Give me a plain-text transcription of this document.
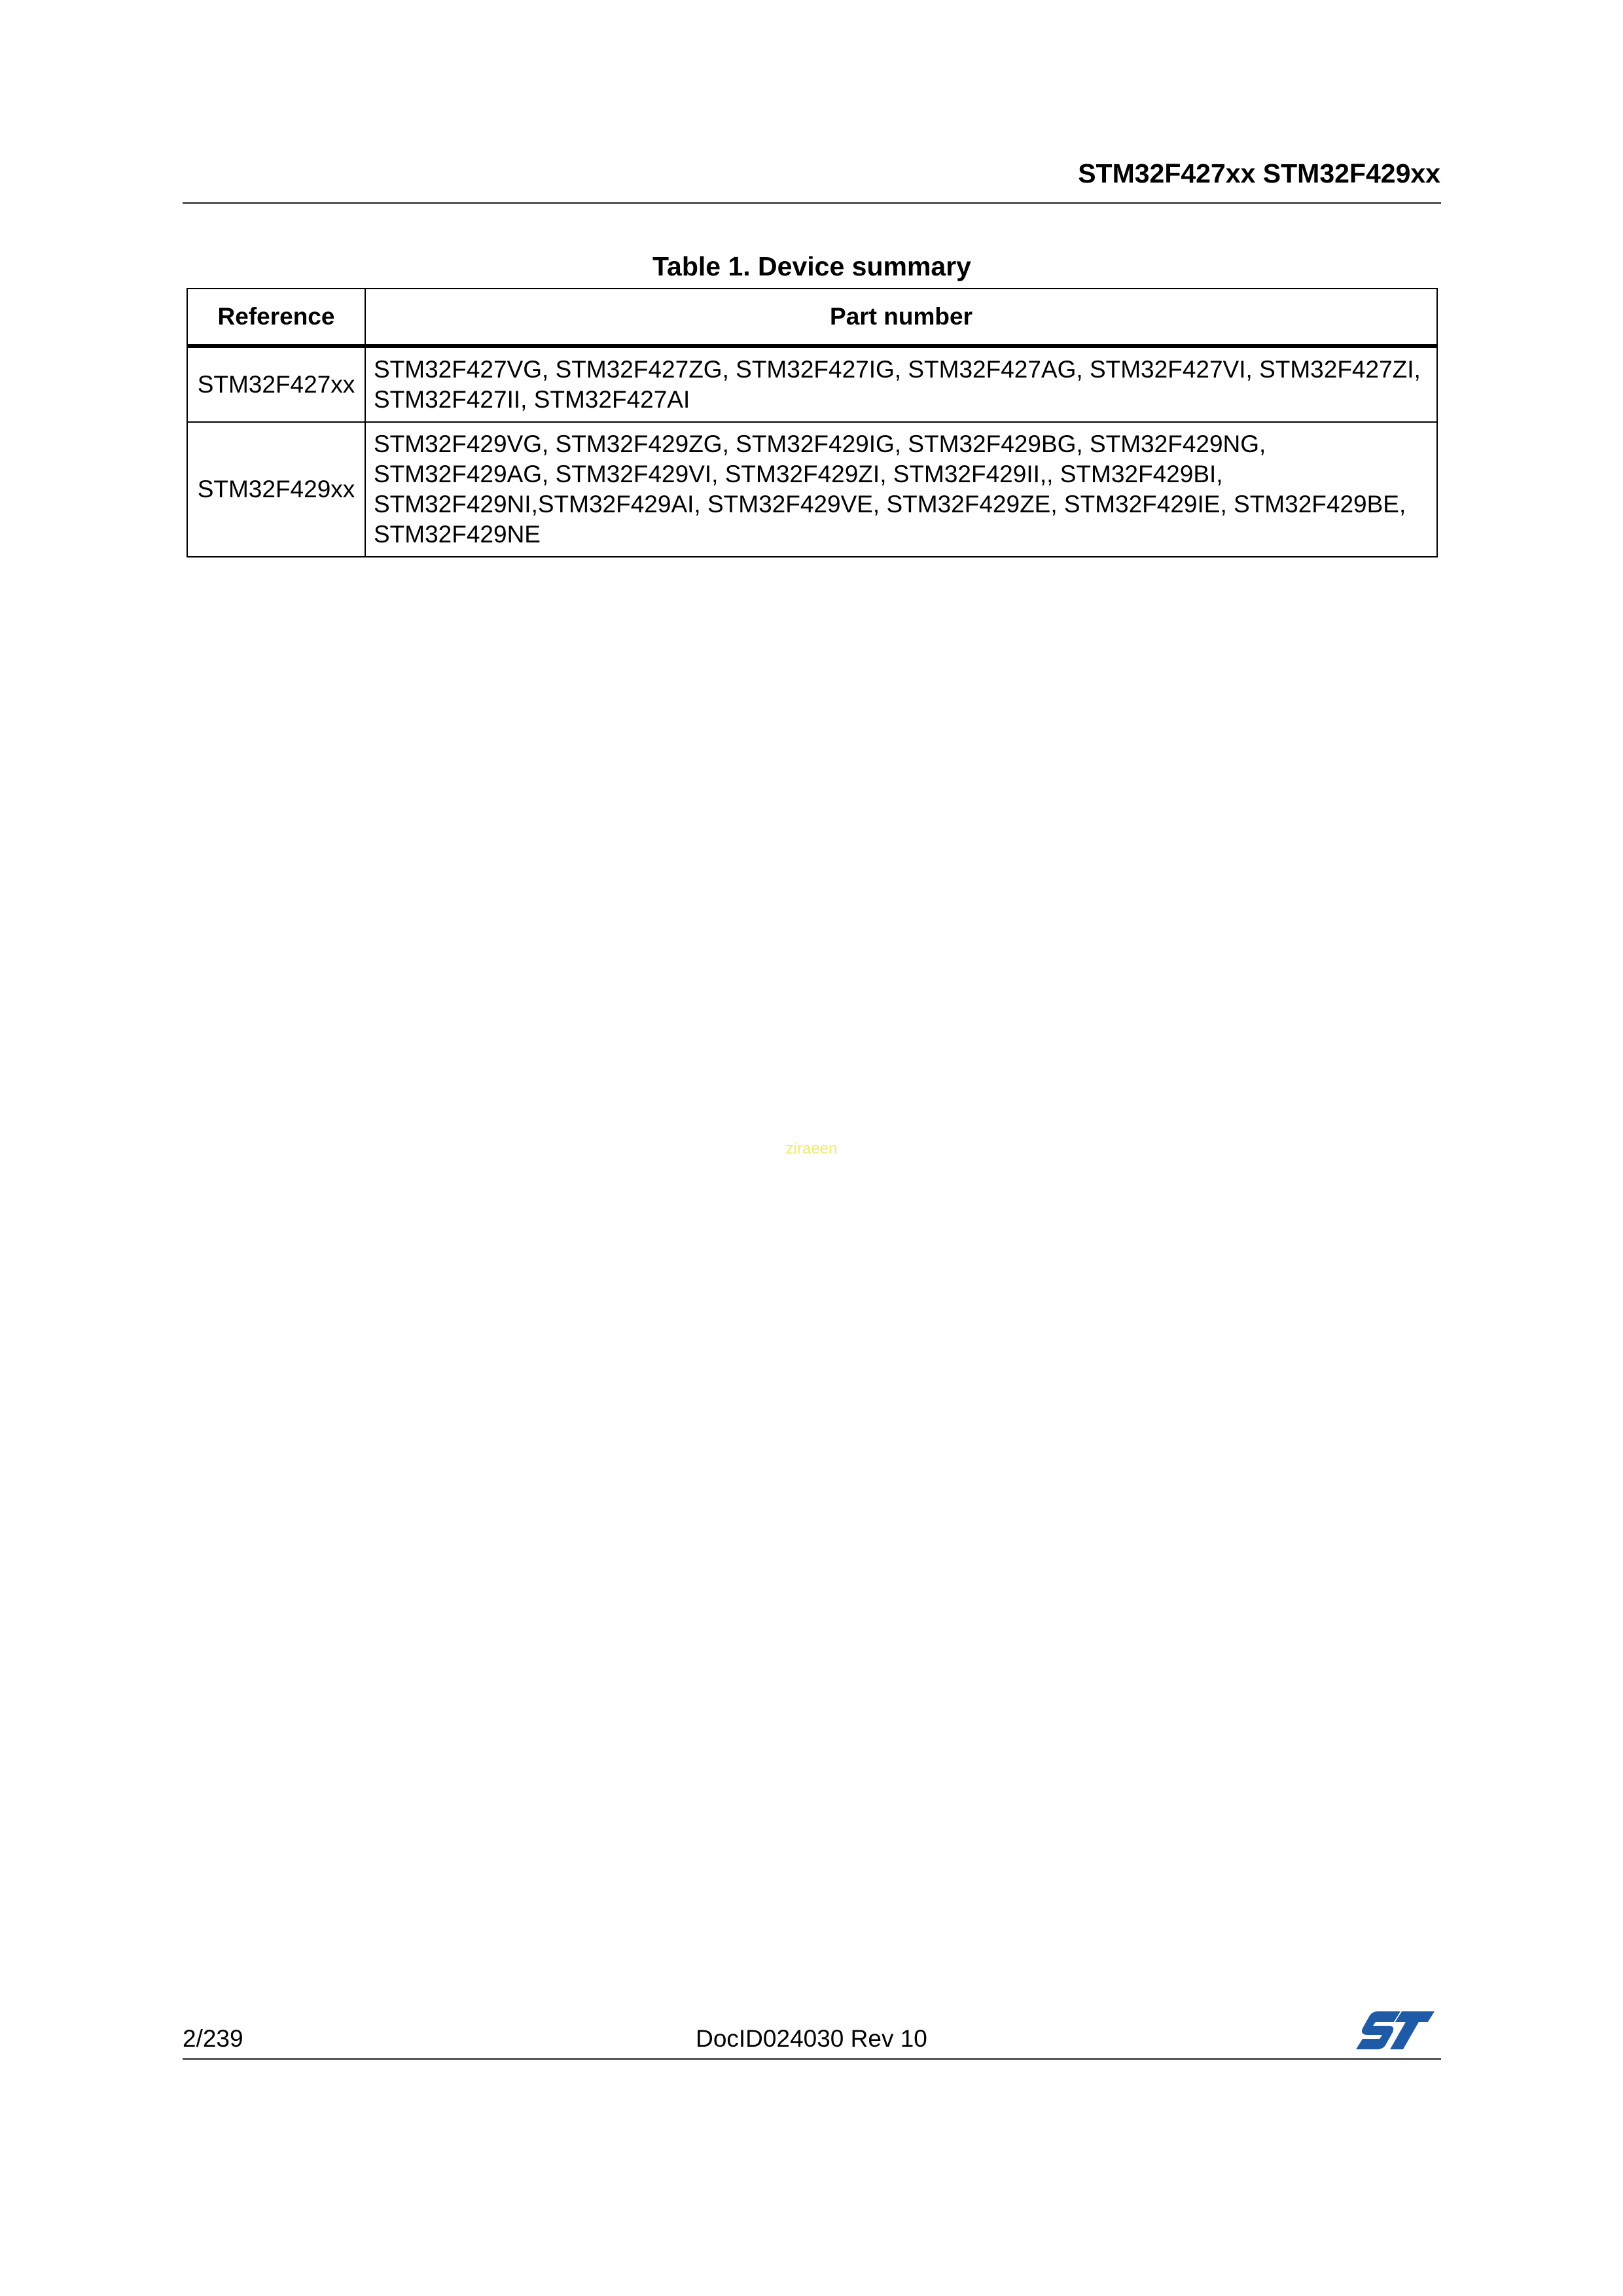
STM32F427xx STM32F429xx
Table 1. Device summary
Reference	Part number
STM32F427xx	STM32F427VG, STM32F427ZG, STM32F427IG, STM32F427AG, STM32F427VI, STM32F427ZI,
STM32F427II, STM32F427AI

STM32F429xx	STM32F429VG, STM32F429ZG, STM32F429IG, STM32F429BG, STM32F429NG,
STM32F429AG, STM32F429VI, STM32F429ZI, STM32F429II,, STM32F429BI,
STM32F429NI,STM32F429AI, STM32F429VE, STM32F429ZE, STM32F429IE, STM32F429BE,
STM32F429NE
ziraeen
2/239	DocID024030 Rev 10
